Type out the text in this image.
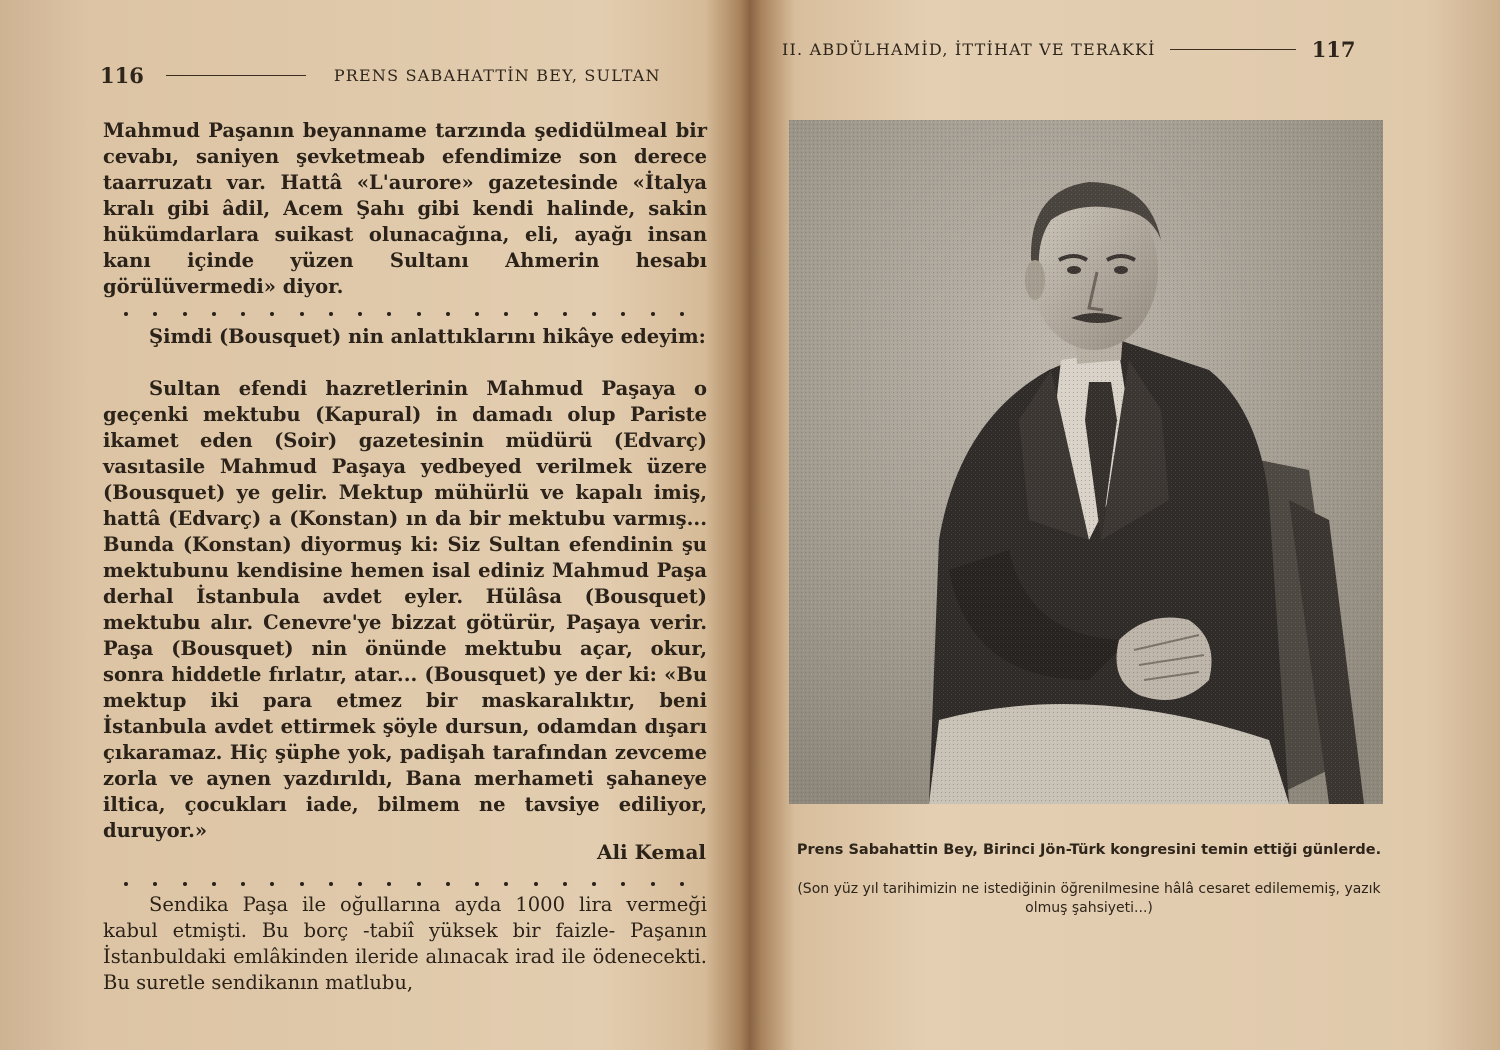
116	PRENS SABAHATTİN BEY, SULTAN

Mahmud Paşanın beyanname tarzında şedidülmeal bir cevabı, saniyen şevketmeab efendimize son derece taarruzatı var. Hattâ «L'aurore» gazetesinde «İtalya kralı gibi âdil, Acem Şahı gibi kendi halinde, sakin hükümdarlara suikast olunacağına, eli, ayağı insan kanı içinde yüzen Sultanı Ahmerin hesabı görülüvermedi» diyor.

Şimdi (Bousquet) nin anlattıklarını hikâye edeyim:

Sultan efendi hazretlerinin Mahmud Paşaya o geçenki mektubu (Kapural) in damadı olup Pariste ikamet eden (Soir) gazetesinin müdürü (Edvarç) vasıtasile Mahmud Paşaya yedbeyed verilmek üzere (Bousquet) ye gelir. Mektup mühürlü ve kapalı imiş, hattâ (Edvarç) a (Konstan) ın da bir mektubu varmış... Bunda (Konstan) diyormuş ki: Siz Sultan efendinin şu mektubunu kendisine hemen isal ediniz Mahmud Paşa derhal İstanbula avdet eyler. Hülâsa (Bousquet) mektubu alır. Cenevre'ye bizzat götürür, Paşaya verir. Paşa (Bousquet) nin önünde mektubu açar, okur, sonra hiddetle fırlatır, atar... (Bousquet) ye der ki: «Bu mektup iki para etmez bir maskaralıktır, beni İstanbula avdet ettirmek şöyle dursun, odamdan dışarı çıkaramaz. Hiç şüphe yok, padişah tarafından zevceme zorla ve aynen yazdırıldı, Bana merhameti şahaneye iltica, çocukları iade, bilmem ne tavsiye ediliyor, duruyor.»

Ali Kemal

Sendika Paşa ile oğullarına ayda 1000 lira vermeği kabul etmişti. Bu borç -tabiî yüksek bir faizle- Paşanın İstanbuldaki emlâkinden ileride alınacak irad ile ödenecekti. Bu suretle sendikanın matlubu,

II. ABDÜLHAMİD, İTTİHAT VE TERAKKİ	117
Prens Sabahattin Bey, Birinci Jön-Türk kongresini temin ettiği günlerde.
(Son yüz yıl tarihimizin ne istediğinin öğrenilmesine hâlâ cesaret edilememiş, yazık olmuş şahsiyeti...)
